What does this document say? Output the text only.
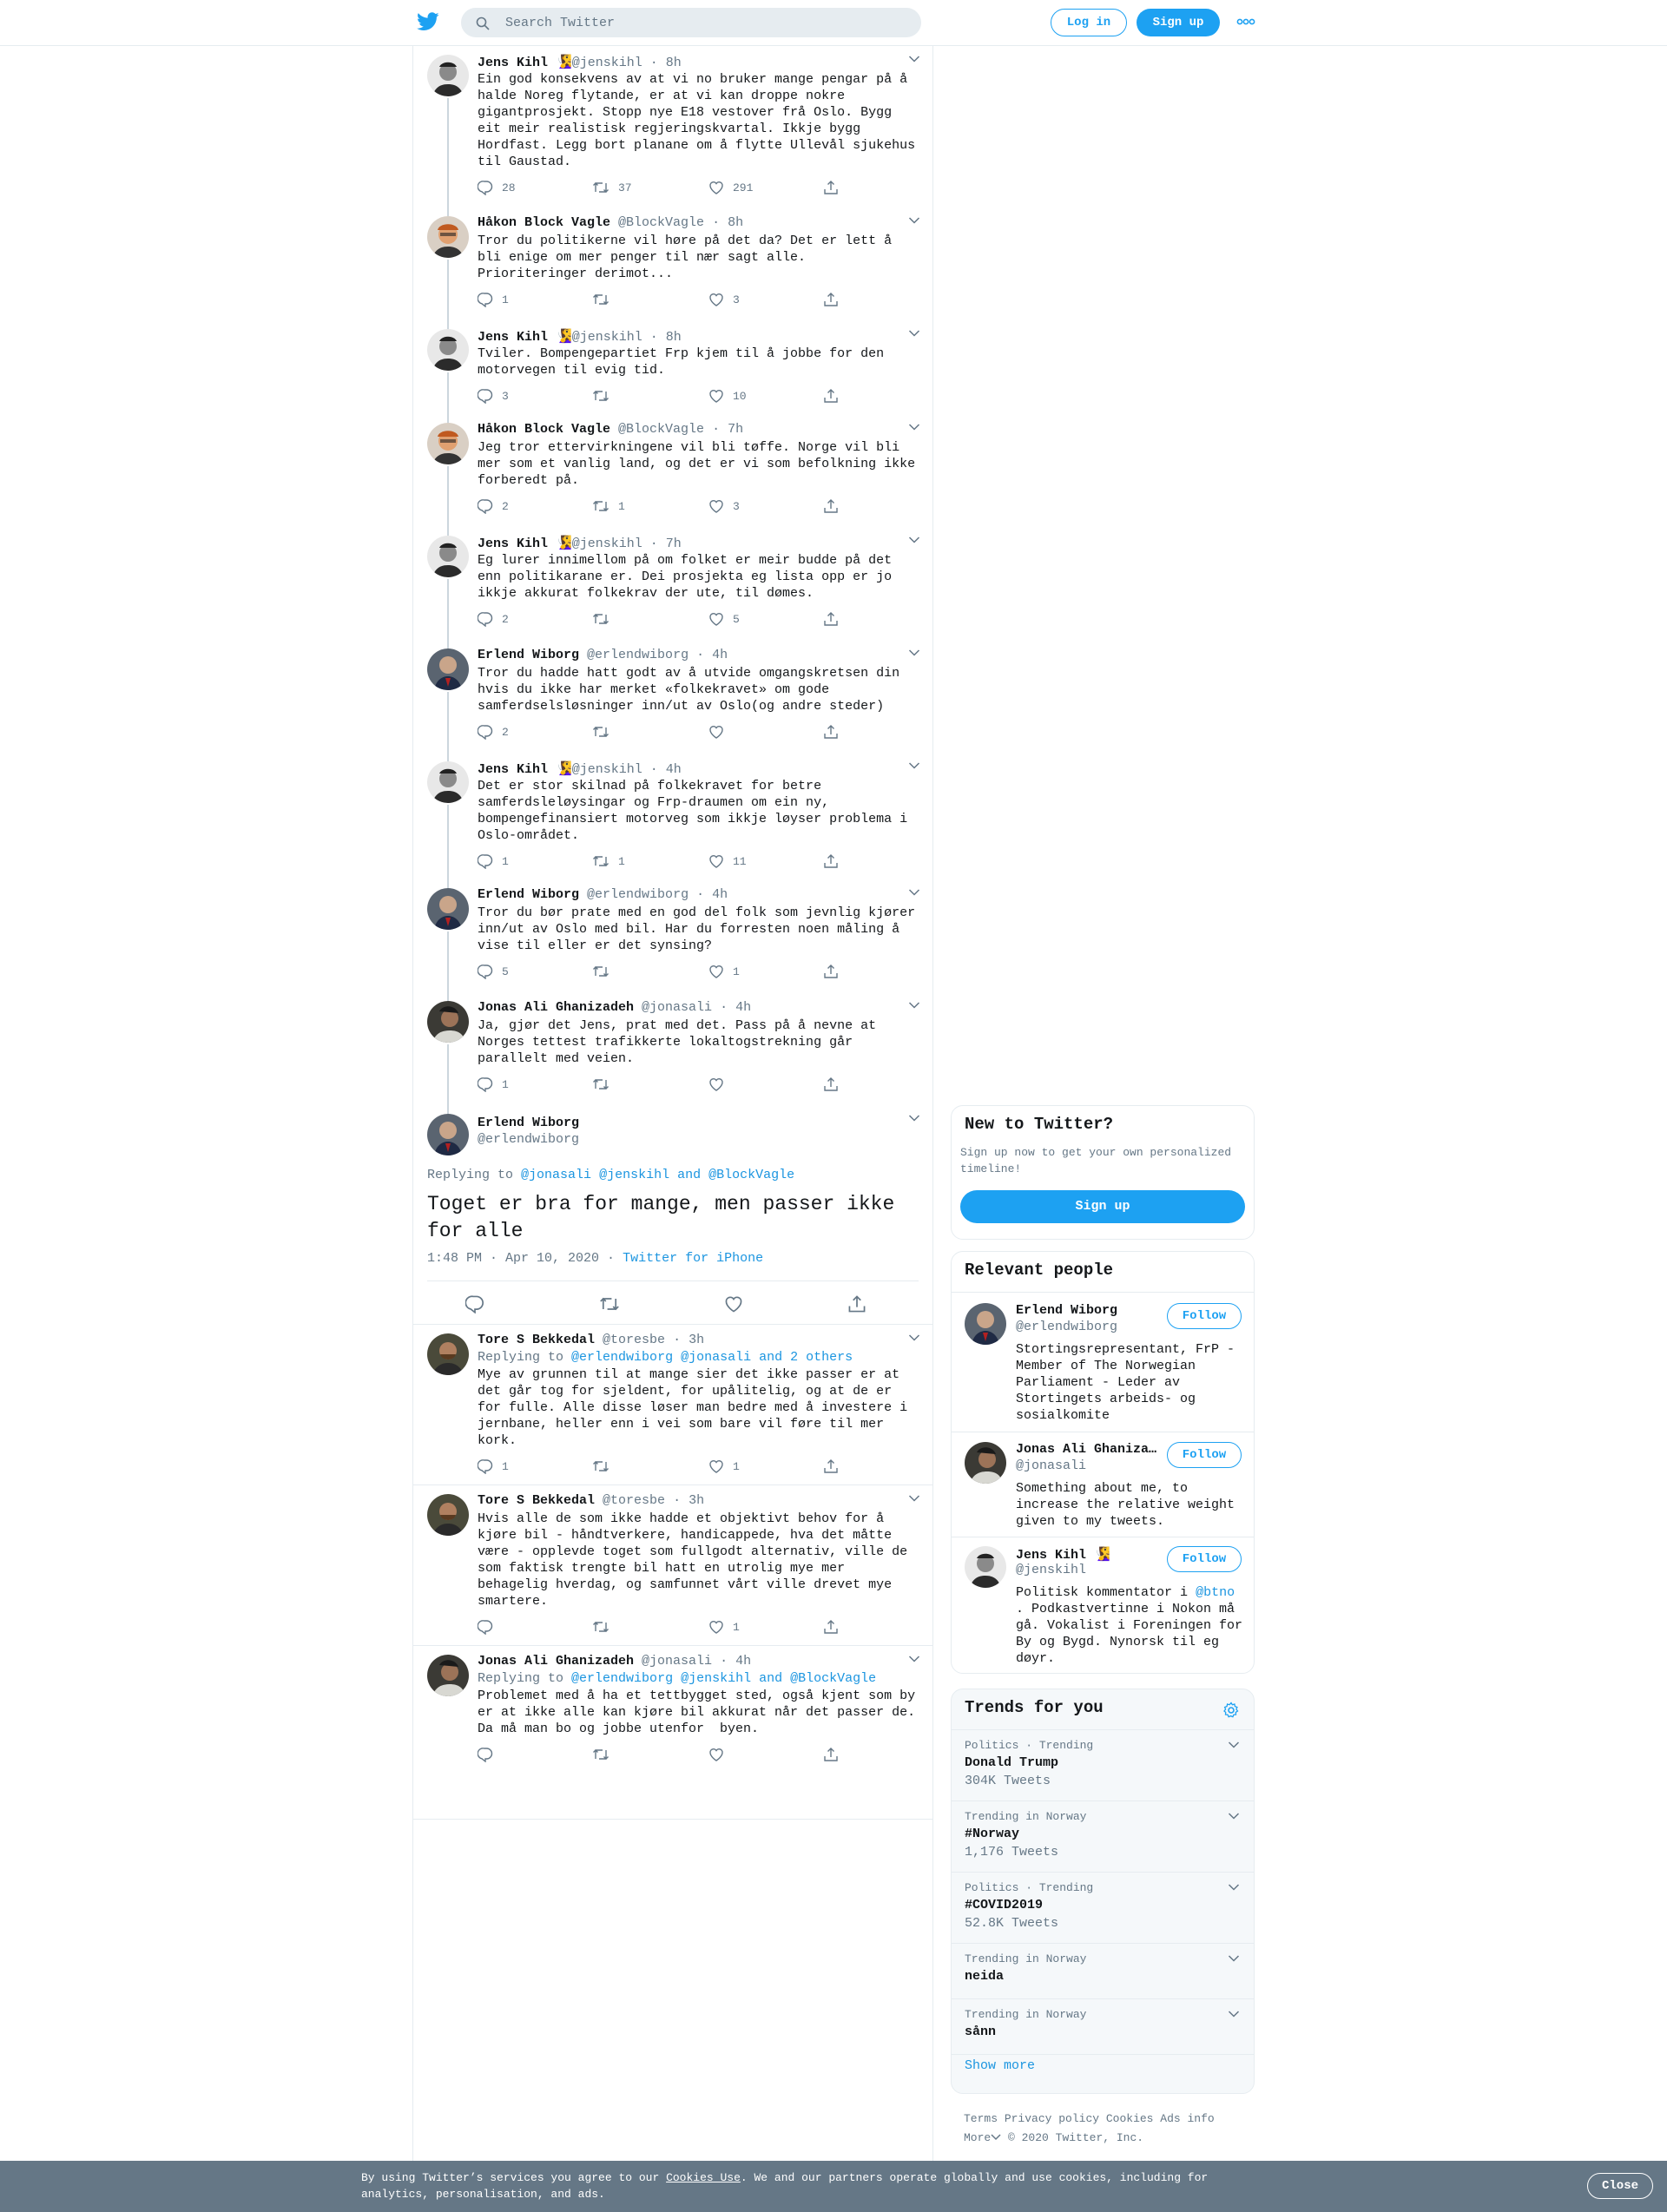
Search Twitter	Log in	Sign up
Jens Kihl 🧏‍♀️@jenskihl · 8h
Ein god konsekvens av at vi no bruker mange pengar på å halde Noreg flytande, er at vi kan droppe nokre gigantprosjekt. Stopp nye E18 vestover frå Oslo. Bygg eit meir realistisk regjeringskvartal. Ikkje bygg Hordfast. Legg bort planane om å flytte Ullevål sjukehus til Gaustad.
28	37	291
Håkon Block Vagle @BlockVagle · 8h
Tror du politikerne vil høre på det da? Det er lett å bli enige om mer penger til nær sagt alle. Prioriteringer derimot...
1	3
Jens Kihl 🧏‍♀️@jenskihl · 8h
Tviler. Bompengepartiet Frp kjem til å jobbe for den motorvegen til evig tid.
3	10
Håkon Block Vagle @BlockVagle · 7h
Jeg tror ettervirkningene vil bli tøffe. Norge vil bli mer som et vanlig land, og det er vi som befolkning ikke forberedt på.
2	1	3
Jens Kihl 🧏‍♀️@jenskihl · 7h
Eg lurer innimellom på om folket er meir budde på det enn politikarane er. Dei prosjekta eg lista opp er jo ikkje akkurat folkekrav der ute, til dømes.
2	5
Erlend Wiborg @erlendwiborg · 4h
Tror du hadde hatt godt av å utvide omgangskretsen din hvis du ikke har merket «folkekravet» om gode samferdselsløsninger inn/ut av Oslo(og andre steder)
2
Jens Kihl 🧏‍♀️@jenskihl · 4h
Det er stor skilnad på folkekravet for betre samferdsleløysingar og Frp-draumen om ein ny, bompengefinansiert motorveg som ikkje løyser problema i Oslo-området.
1	1	11
Erlend Wiborg @erlendwiborg · 4h
Tror du bør prate med en god del folk som jevnlig kjører inn/ut av Oslo med bil. Har du forresten noen måling å vise til eller er det synsing?
5	1
Jonas Ali Ghanizadeh @jonasali · 4h
Ja, gjør det Jens, prat med det. Pass på å nevne at Norges tettest trafikkerte lokaltogstrekning går parallelt med veien.
1
Erlend Wiborg
@erlendwiborg
Replying to @jonasali @jenskihl and @BlockVagle
Toget er bra for mange, men passer ikke for alle
1:48 PM · Apr 10, 2020 · Twitter for iPhone
Tore S Bekkedal @toresbe · 3h
Replying to @erlendwiborg @jonasali and 2 others
Mye av grunnen til at mange sier det ikke passer er at det går tog for sjeldent, for upålitelig, og at de er for fulle. Alle disse løser man bedre med å investere i jernbane, heller enn i vei som bare vil føre til mer kork.
1	1
Tore S Bekkedal @toresbe · 3h
Hvis alle de som ikke hadde et objektivt behov for å kjøre bil - håndtverkere, handicappede, hva det måtte være - opplevde toget som fullgodt alternativ, ville de som faktisk trengte bil hatt en utrolig mye mer behagelig hverdag, og samfunnet vårt ville drevet mye smartere.
1
Jonas Ali Ghanizadeh @jonasali · 4h
Replying to @erlendwiborg @jenskihl and @BlockVagle
Problemet med å ha et tettbygget sted, også kjent som by er at ikke alle kan kjøre bil akkurat når det passer de. Da må man bo og jobbe utenfor  byen.
New to Twitter?
Sign up now to get your own personalized timeline!
Sign up
Relevant people
Erlend Wiborg
@erlendwiborg
Follow
Stortingsrepresentant, FrP - Member of The Norwegian Parliament - Leder av Stortingets arbeids- og sosialkomite
Jonas Ali Ghaniza…
@jonasali
Follow
Something about me, to increase the relative weight given to my tweets.
Jens Kihl 🧏‍♀️
@jenskihl
Follow
Politisk kommentator i @btno
. Podkastvertinne i Nokon må gå. Vokalist i Foreningen for By og Bygd. Nynorsk til eg døyr.
Trends for you
Politics · Trending
Donald Trump
304K Tweets
Trending in Norway
#Norway
1,176 Tweets
Politics · Trending
#COVID2019
52.8K Tweets
Trending in Norway
neida
Trending in Norway
sånn
Show more
Terms Privacy policy Cookies Ads info
More © 2020 Twitter, Inc.

By using Twitter’s services you agree to our Cookies Use. We and our partners operate globally and use cookies, including for analytics, personalisation, and ads.

Close
